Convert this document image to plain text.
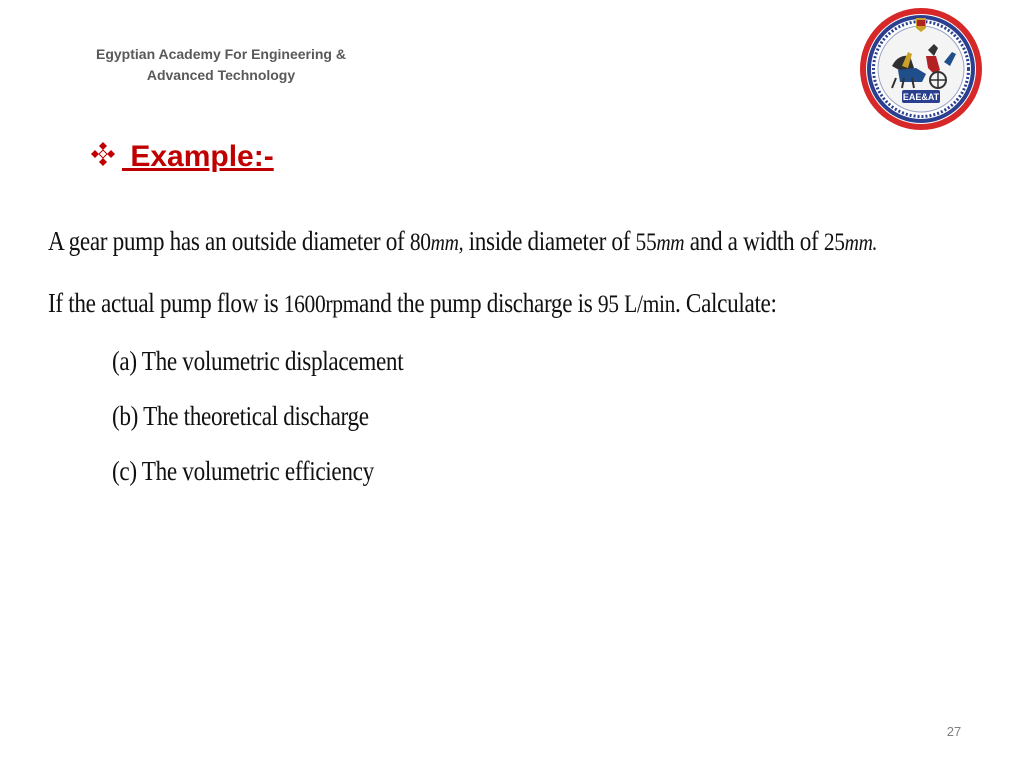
Egyptian Academy For Engineering &
Advanced Technology
EAE&AT
Example:-
A gear pump has an outside diameter of 80mm, inside diameter of 55mm and a width of 25mm.
If the actual pump flow is 1600rpmand the pump discharge is 95 L/min. Calculate:
(a) The volumetric displacement
(b) The theoretical discharge
(c) The volumetric efficiency
27
